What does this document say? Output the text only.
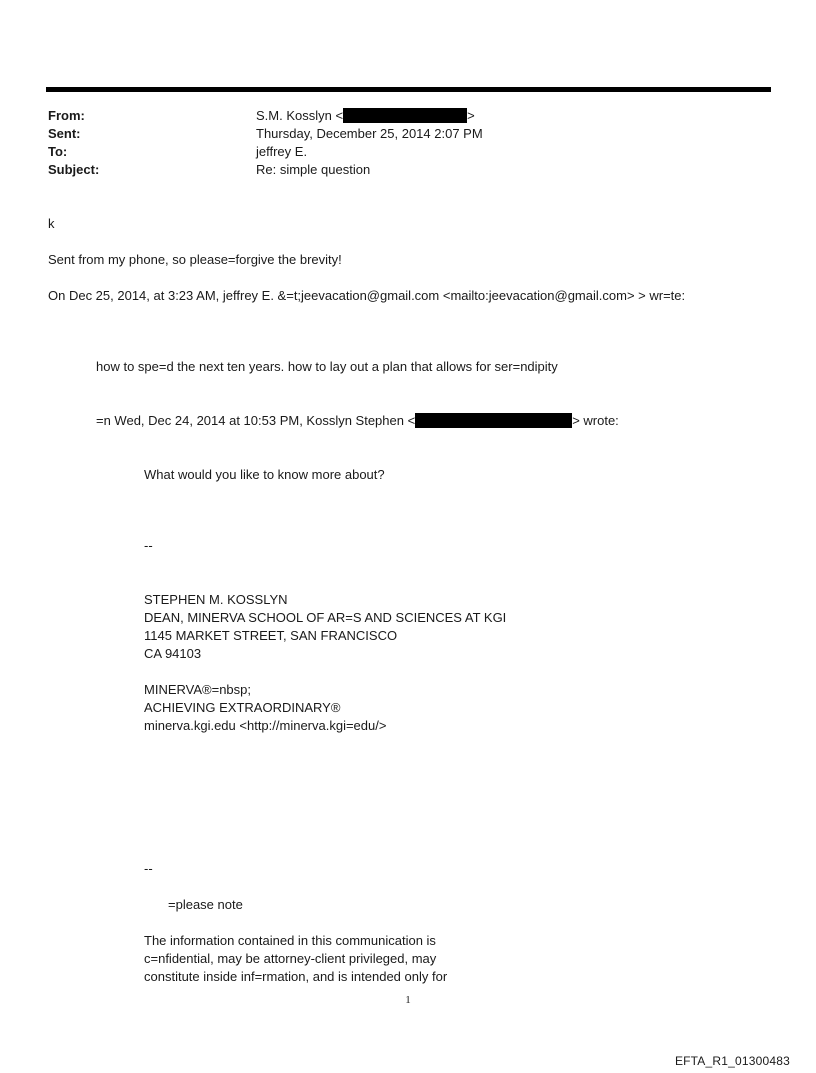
From:	S.M. Kosslyn <	>
Sent:	Thursday, December 25, 2014 2:07 PM
To:	jeffrey E.
Subject:	Re: simple question
k
Sent from my phone, so please=forgive the brevity!
On Dec 25, 2014, at 3:23 AM, jeffrey E. &=t;jeevacation@gmail.com <mailto:jeevacation@gmail.com> > wr=te:
how to spe=d the next ten years. how to lay out a plan that allows for ser=ndipity
=n Wed, Dec 24, 2014 at 10:53 PM, Kosslyn Stephen <	> wrote:
What would you like to know more about?
--
STEPHEN M. KOSSLYN
DEAN, MINERVA SCHOOL OF AR=S AND SCIENCES AT KGI
1145 MARKET STREET, SAN FRANCISCO
CA 94103
MINERVA®=nbsp;
ACHIEVING EXTRAORDINARY®
minerva.kgi.edu <http://minerva.kgi=edu/>
--
=please note
The information contained in this communication is
c=nfidential, may be attorney-client privileged, may
constitute inside inf=rmation, and is intended only for
1
EFTA_R1_01300483
